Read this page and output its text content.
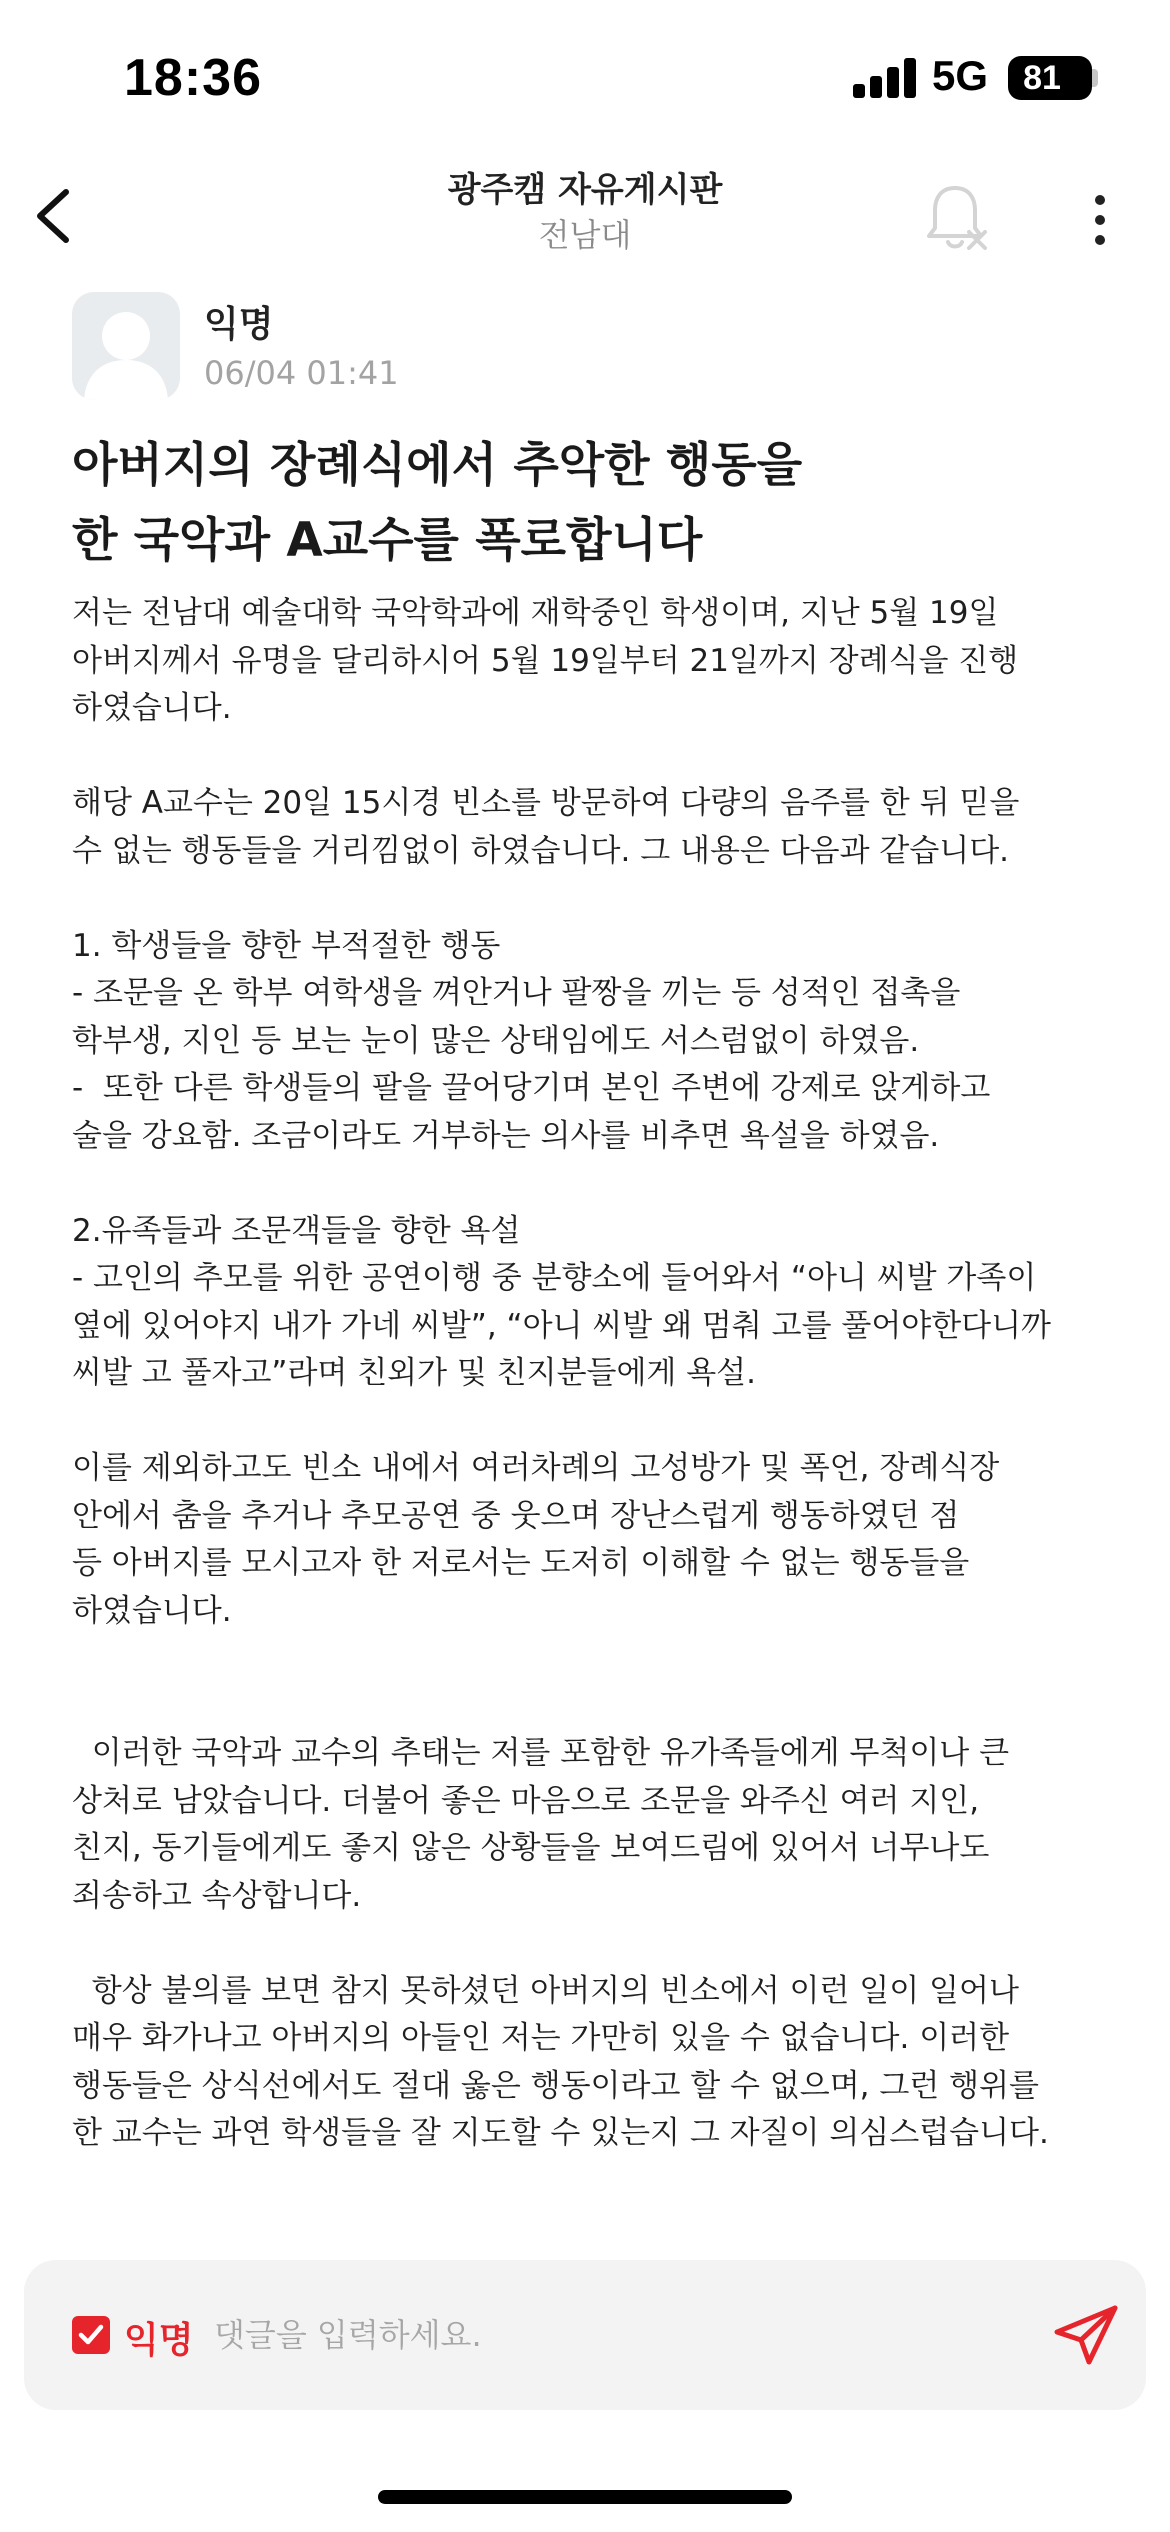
18:36	5G	81
광주캠 자유게시판
전남대
익명
06/04 01:41
아버지의 장례식에서 추악한 행동을
한 국악과 A교수를 폭로합니다
저는 전남대 예술대학 국악학과에 재학중인 학생이며, 지난 5월 19일
아버지께서 유명을 달리하시어 5월 19일부터 21일까지 장례식을 진행
하였습니다.
해당 A교수는 20일 15시경 빈소를 방문하여 다량의 음주를 한 뒤 믿을
수 없는 행동들을 거리낌없이 하였습니다. 그 내용은 다음과 같습니다.
1. 학생들을 향한 부적절한 행동
- 조문을 온 학부 여학생을 껴안거나 팔짱을 끼는 등 성적인 접촉을
학부생, 지인 등 보는 눈이 많은 상태임에도 서스럼없이 하였음.
-  또한 다른 학생들의 팔을 끌어당기며 본인 주변에 강제로 앉게하고
술을 강요함. 조금이라도 거부하는 의사를 비추면 욕설을 하였음.
2.유족들과 조문객들을 향한 욕설
- 고인의 추모를 위한 공연이행 중 분향소에 들어와서 “아니 씨발 가족이
옆에 있어야지 내가 가네 씨발”, “아니 씨발 왜 멈춰 고를 풀어야한다니까
씨발 고 풀자고”라며 친외가 및 친지분들에게 욕설.
이를 제외하고도 빈소 내에서 여러차례의 고성방가 및 폭언, 장례식장
안에서 춤을 추거나 추모공연 중 웃으며 장난스럽게 행동하였던 점
등 아버지를 모시고자 한 저로서는 도저히 이해할 수 없는 행동들을
하였습니다.
이러한 국악과 교수의 추태는 저를 포함한 유가족들에게 무척이나 큰
상처로 남았습니다. 더불어 좋은 마음으로 조문을 와주신 여러 지인,
친지, 동기들에게도 좋지 않은 상황들을 보여드림에 있어서 너무나도
죄송하고 속상합니다.
항상 불의를 보면 참지 못하셨던 아버지의 빈소에서 이런 일이 일어나
매우 화가나고 아버지의 아들인 저는 가만히 있을 수 없습니다. 이러한
행동들은 상식선에서도 절대 옳은 행동이라고 할 수 없으며, 그런 행위를
한 교수는 과연 학생들을 잘 지도할 수 있는지 그 자질이 의심스럽습니다.
익명
댓글을 입력하세요.
